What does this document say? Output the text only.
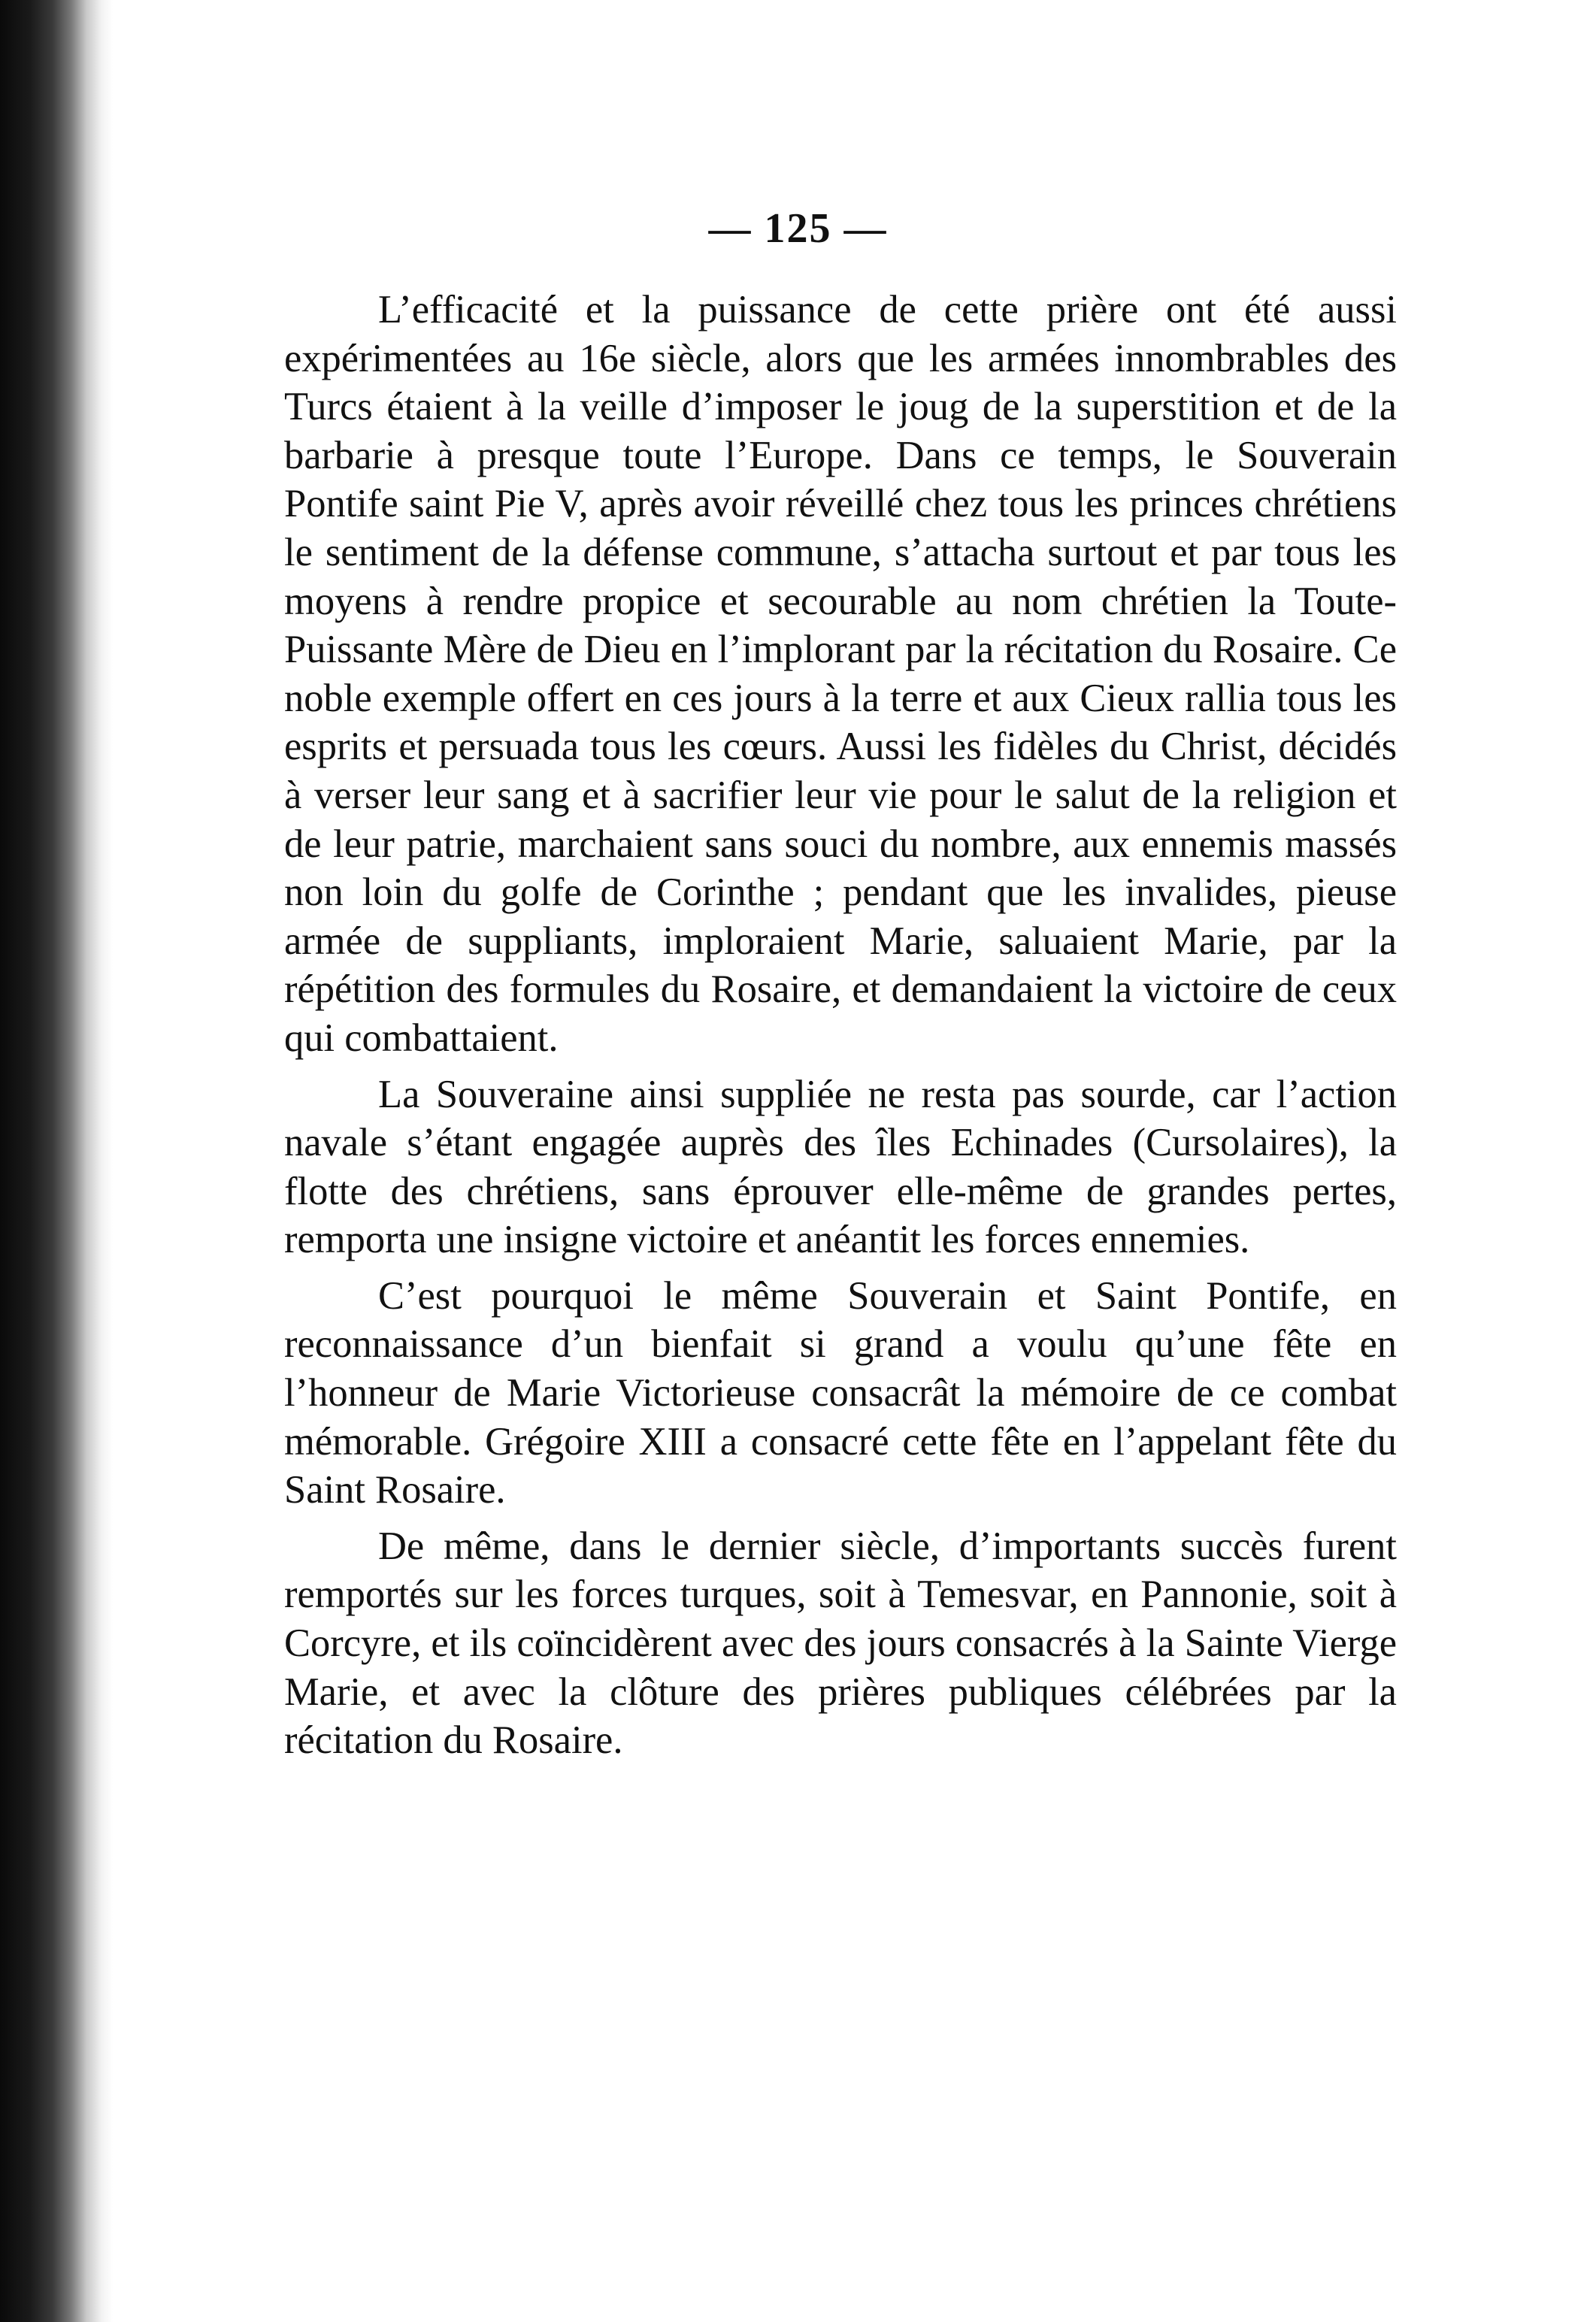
— 125 —

L’efficacité et la puissance de cette prière ont été aussi expérimentées au 16e siècle, alors que les armées innombrables des Turcs étaient à la veille d’imposer le joug de la superstition et de la barbarie à presque toute l’Europe. Dans ce temps, le Souverain Pontife saint Pie V, après avoir réveillé chez tous les princes chrétiens le sentiment de la défense commune, s’attacha surtout et par tous les moyens à rendre propice et secourable au nom chrétien la Toute-Puissante Mère de Dieu en l’implorant par la récitation du Rosaire. Ce noble exemple offert en ces jours à la terre et aux Cieux rallia tous les esprits et persuada tous les cœurs. Aussi les fidèles du Christ, décidés à verser leur sang et à sacrifier leur vie pour le salut de la religion et de leur patrie, marchaient sans souci du nombre, aux ennemis massés non loin du golfe de Corinthe ; pendant que les invalides, pieuse armée de suppliants, imploraient Marie, saluaient Marie, par la répétition des formules du Rosaire, et demandaient la victoire de ceux qui combattaient.

La Souveraine ainsi suppliée ne resta pas sourde, car l’action navale s’étant engagée auprès des îles Echinades (Cursolaires), la flotte des chrétiens, sans éprouver elle-même de grandes pertes, remporta une insigne victoire et anéantit les forces ennemies.

C’est pourquoi le même Souverain et Saint Pontife, en reconnaissance d’un bienfait si grand a voulu qu’une fête en l’honneur de Marie Victorieuse consacrât la mémoire de ce combat mémorable. Grégoire XIII a consacré cette fête en l’appelant fête du Saint Rosaire.

De même, dans le dernier siècle, d’importants succès furent remportés sur les forces turques, soit à Temesvar, en Pannonie, soit à Corcyre, et ils coïncidèrent avec des jours consacrés à la Sainte Vierge Marie, et avec la clôture des prières publiques célébrées par la récitation du Rosaire.
